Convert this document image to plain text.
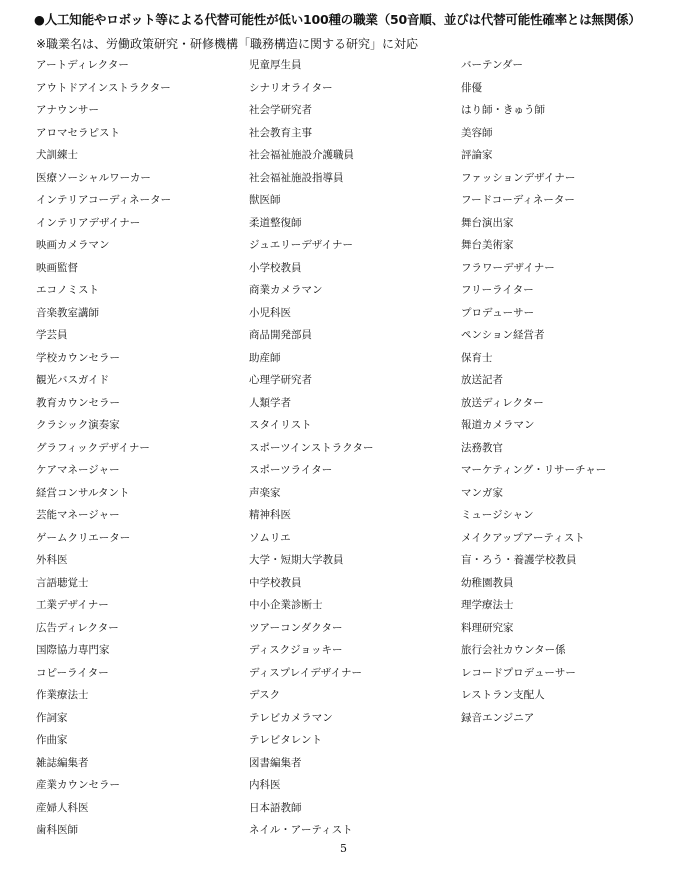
●人工知能やロボット等による代替可能性が低い100種の職業（50音順、並びは代替可能性確率とは無関係）
※職業名は、労働政策研究・研修機構「職務構造に関する研究」に対応
アートディレクター
アウトドアインストラクター
アナウンサー
アロマセラピスト
犬訓練士
医療ソーシャルワーカー
インテリアコーディネーター
インテリアデザイナー
映画カメラマン
映画監督
エコノミスト
音楽教室講師
学芸員
学校カウンセラー
観光バスガイド
教育カウンセラー
クラシック演奏家
グラフィックデザイナー
ケアマネージャー
経営コンサルタント
芸能マネージャー
ゲームクリエーター
外科医
言語聴覚士
工業デザイナー
広告ディレクター
国際協力専門家
コピーライター
作業療法士
作詞家
作曲家
雑誌編集者
産業カウンセラー
産婦人科医
歯科医師
児童厚生員
シナリオライター
社会学研究者
社会教育主事
社会福祉施設介護職員
社会福祉施設指導員
獣医師
柔道整復師
ジュエリーデザイナー
小学校教員
商業カメラマン
小児科医
商品開発部員
助産師
心理学研究者
人類学者
スタイリスト
スポーツインストラクター
スポーツライター
声楽家
精神科医
ソムリエ
大学・短期大学教員
中学校教員
中小企業診断士
ツアーコンダクター
ディスクジョッキー
ディスプレイデザイナー
デスク
テレビカメラマン
テレビタレント
図書編集者
内科医
日本語教師
ネイル・アーティスト
バーテンダー
俳優
はり師・きゅう師
美容師
評論家
ファッションデザイナー
フードコーディネーター
舞台演出家
舞台美術家
フラワーデザイナー
フリーライター
プロデューサー
ペンション経営者
保育士
放送記者
放送ディレクター
報道カメラマン
法務教官
マーケティング・リサーチャー
マンガ家
ミュージシャン
メイクアップアーティスト
盲・ろう・養護学校教員
幼稚園教員
理学療法士
料理研究家
旅行会社カウンター係
レコードプロデューサー
レストラン支配人
録音エンジニア
5
